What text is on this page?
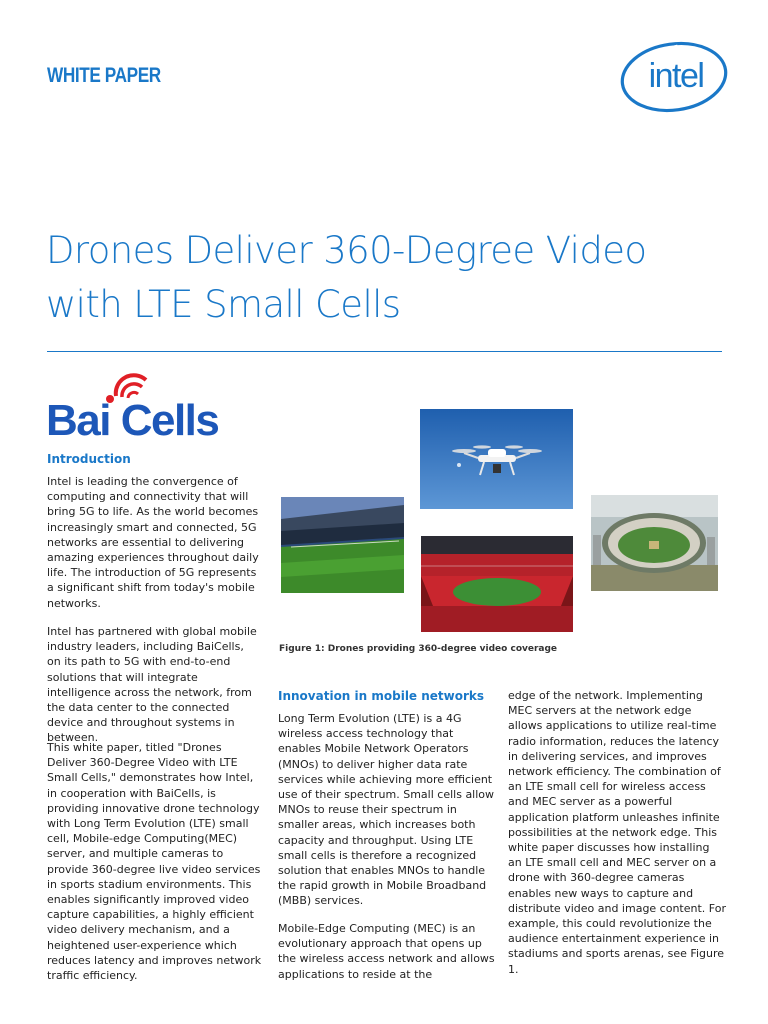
WHITE PAPER	intel
Drones Deliver 360-Degree Video
with LTE Small Cells
Bai Cells
Introduction

Intel is leading the convergence of computing and connectivity that will bring 5G to life. As the world becomes increasingly smart and connected, 5G networks are essential to delivering amazing experiences throughout daily life. The introduction of 5G represents a significant shift from today's mobile networks.

Intel has partnered with global mobile industry leaders, including BaiCells, on its path to 5G with end-to-end solutions that will integrate intelligence across the network, from the data center to the connected device and throughout systems in between.

This white paper, titled "Drones Deliver 360-Degree Video with LTE Small Cells," demonstrates how Intel, in cooperation with BaiCells, is providing innovative drone technology with Long Term Evolution (LTE) small cell, Mobile-edge Computing(MEC) server, and multiple cameras to provide 360-degree live video services in sports stadium environments. This enables significantly improved video capture capabilities, a highly efficient video delivery mechanism, and a heightened user-experience which reduces latency and improves network traffic efficiency.

Figure 1: Drones providing 360-degree video coverage
Innovation in mobile networks

Long Term Evolution (LTE) is a 4G wireless access technology that enables Mobile Network Operators (MNOs) to deliver higher data rate services while achieving more efficient use of their spectrum. Small cells allow MNOs to reuse their spectrum in smaller areas, which increases both capacity and throughput. Using LTE small cells is therefore a recognized solution that enables MNOs to handle the rapid growth in Mobile Broadband (MBB) services.

Mobile-Edge Computing (MEC) is an evolutionary approach that opens up the wireless access network and allows applications to reside at the

edge of the network. Implementing MEC servers at the network edge allows applications to utilize real-time radio information, reduces the latency in delivering services, and improves network efficiency. The combination of an LTE small cell for wireless access and MEC server as a powerful application platform unleashes infinite possibilities at the network edge. This white paper discusses how installing an LTE small cell and MEC server on a drone with 360-degree cameras enables new ways to capture and distribute video and image content. For example, this could revolutionize the audience entertainment experience in stadiums and sports arenas, see Figure 1.
